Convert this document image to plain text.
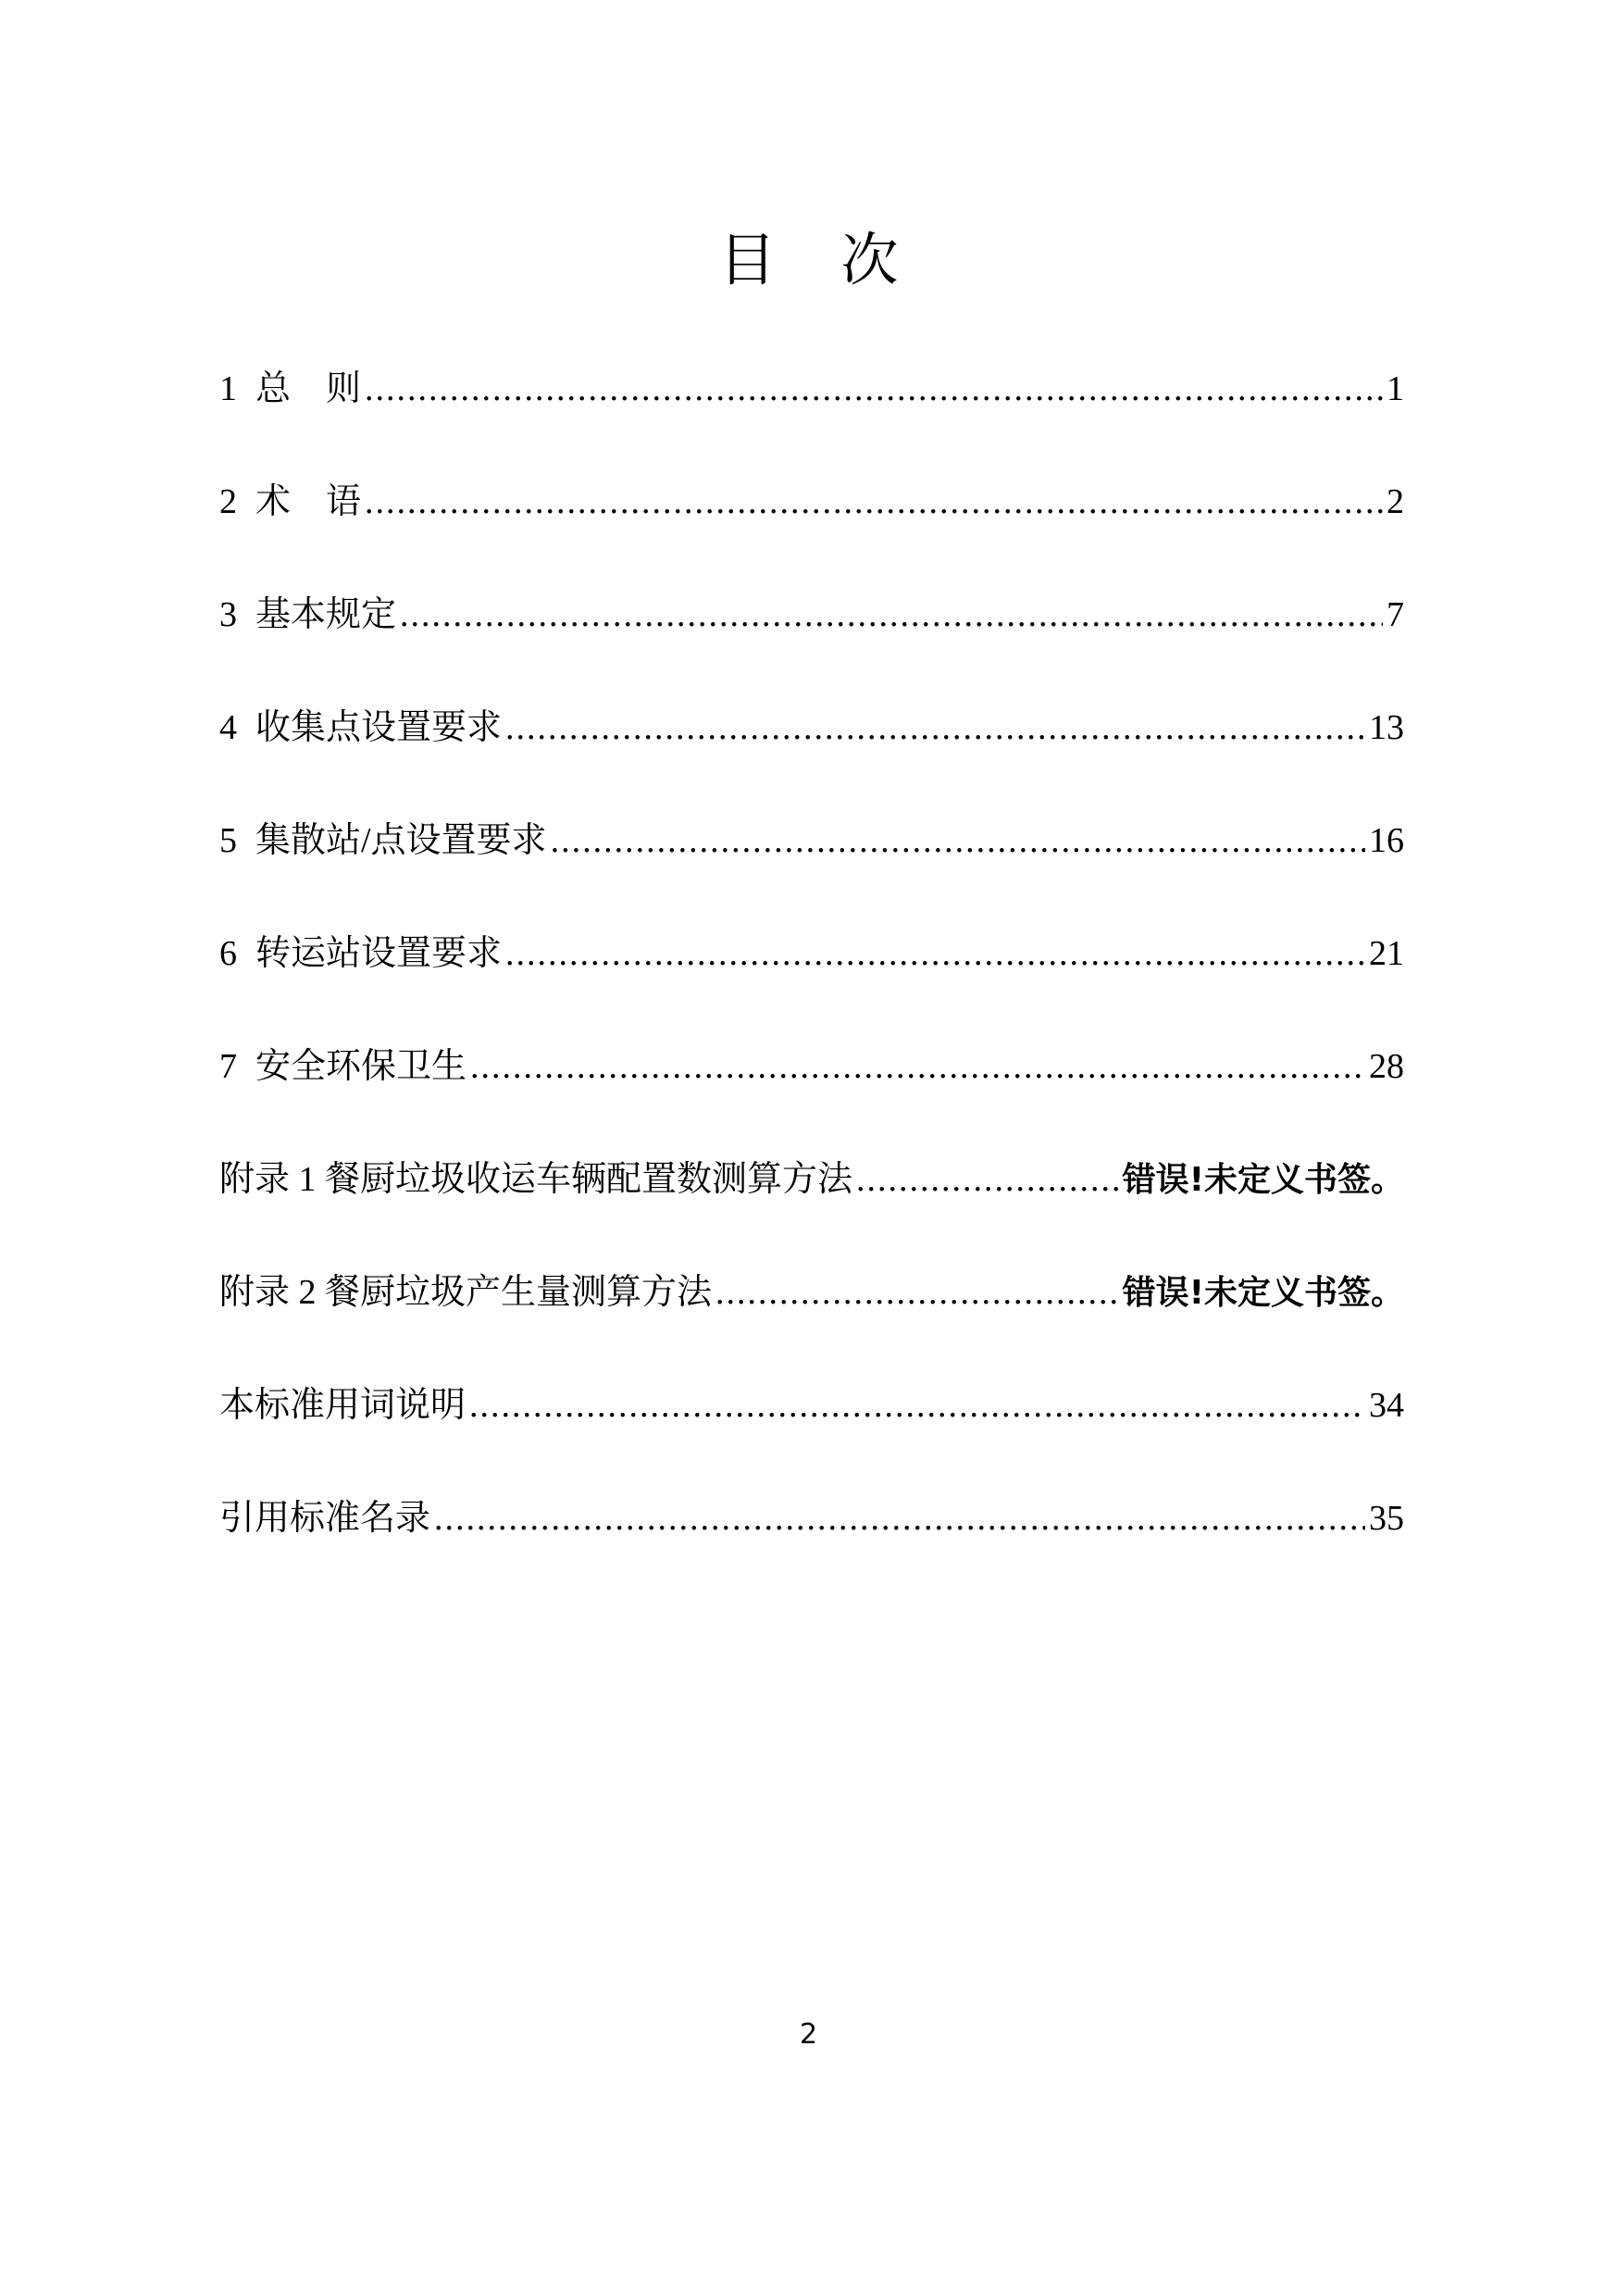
目次
1 总　则 .....	1
2 术　语 .....	2
3 基本规定 .....	7
4 收集点设置要求 .....	13
5 集散站/点设置要求 .....	16
6 转运站设置要求 .....	21
7 安全环保卫生 .....	28
附录 1 餐厨垃圾收运车辆配置数测算方法 .....	错误!未定义书签。
附录 2 餐厨垃圾产生量测算方法 .....	错误!未定义书签。
本标准用词说明 .....	34
引用标准名录 .....	35
2
